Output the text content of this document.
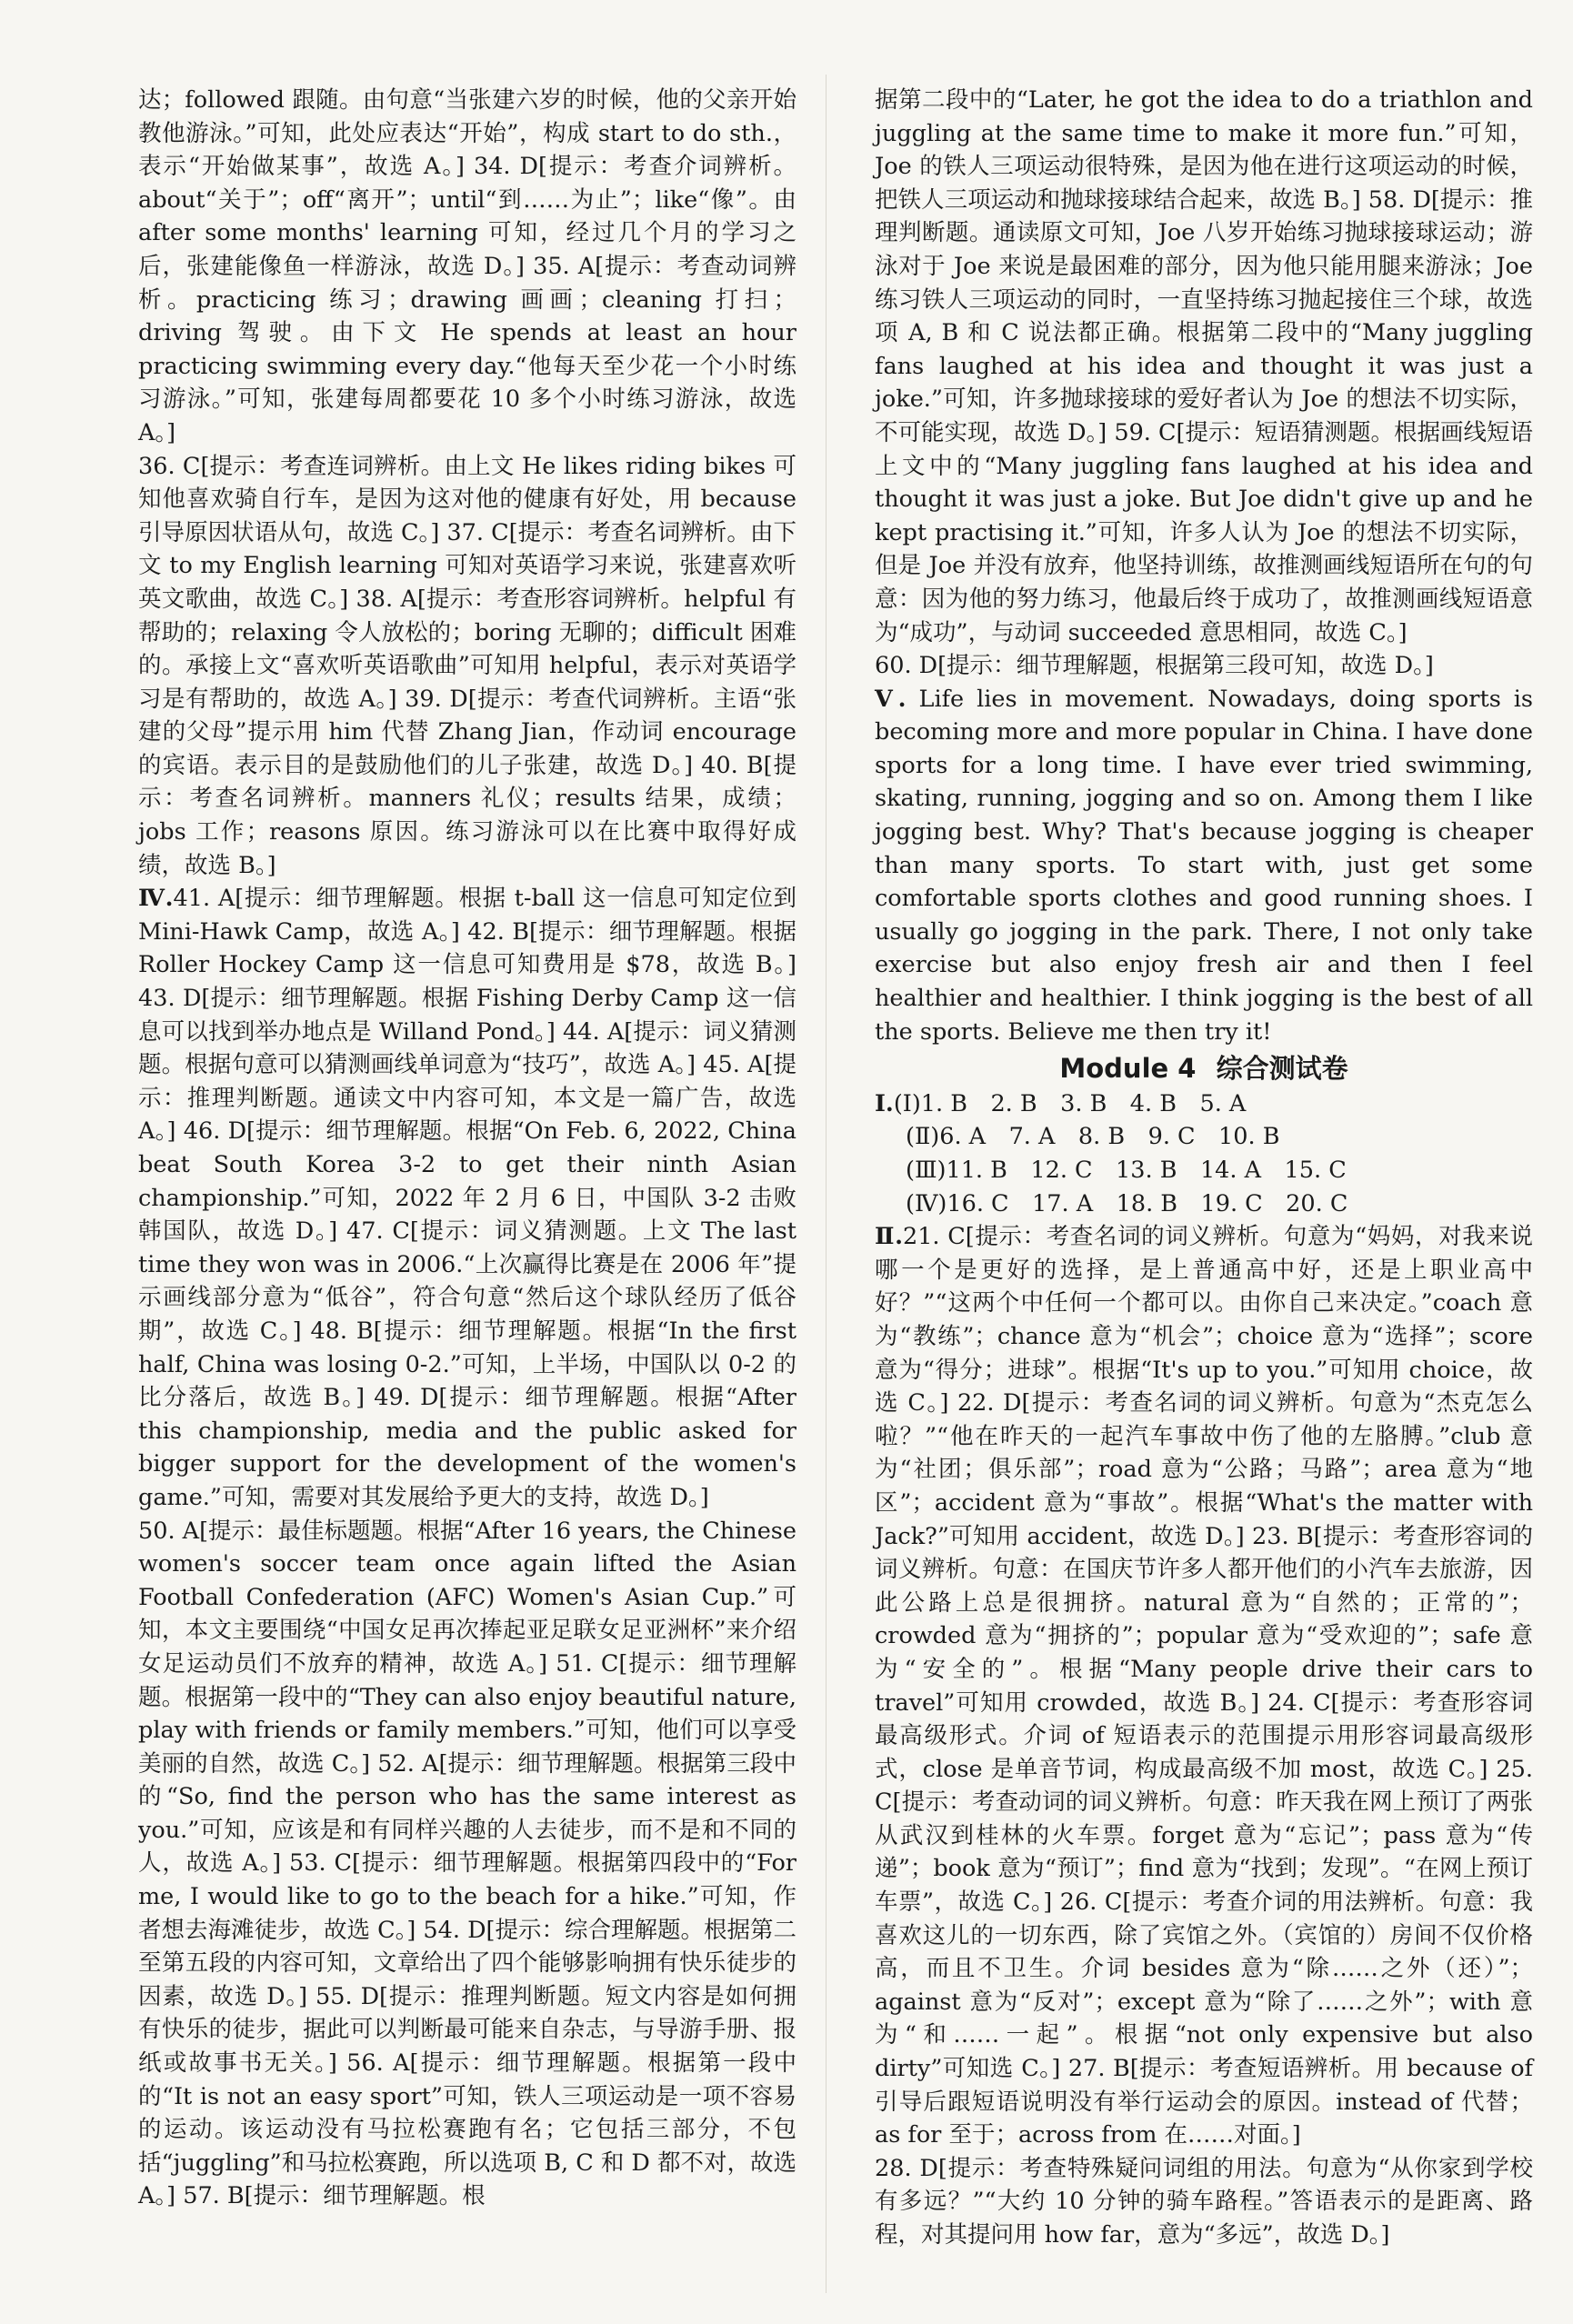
达；followed 跟随。由句意“当张建六岁的时候，他的父亲开始教他游泳。”可知，此处应表达“开始”，构成 start to do sth.，表示“开始做某事”，故选 A。] 34. D[提示：考查介词辨析。about“关于”；off“离开”；until“到……为止”；like“像”。由 after some months' learning 可知，经过几个月的学习之后，张建能像鱼一样游泳，故选 D。] 35. A[提示：考查动词辨析。practicing 练习；drawing 画画；cleaning 打扫；driving 驾驶。由下文 He spends at least an hour practicing swimming every day.“他每天至少花一个小时练习游泳。”可知，张建每周都要花 10 多个小时练习游泳，故选 A。]

36. C[提示：考查连词辨析。由上文 He likes riding bikes 可知他喜欢骑自行车，是因为这对他的健康有好处，用 because 引导原因状语从句，故选 C。] 37. C[提示：考查名词辨析。由下文 to my English learning 可知对英语学习来说，张建喜欢听英文歌曲，故选 C。] 38. A[提示：考查形容词辨析。helpful 有帮助的；relaxing 令人放松的；boring 无聊的；difficult 困难的。承接上文“喜欢听英语歌曲”可知用 helpful，表示对英语学习是有帮助的，故选 A。] 39. D[提示：考查代词辨析。主语“张建的父母”提示用 him 代替 Zhang Jian，作动词 encourage 的宾语。表示目的是鼓励他们的儿子张建，故选 D。] 40. B[提示：考查名词辨析。manners 礼仪；results 结果，成绩；jobs 工作；reasons 原因。练习游泳可以在比赛中取得好成绩，故选 B。]

Ⅳ.41. A[提示：细节理解题。根据 t-ball 这一信息可知定位到 Mini-Hawk Camp，故选 A。] 42. B[提示：细节理解题。根据 Roller Hockey Camp 这一信息可知费用是 $78，故选 B。] 43. D[提示：细节理解题。根据 Fishing Derby Camp 这一信息可以找到举办地点是 Willand Pond。] 44. A[提示：词义猜测题。根据句意可以猜测画线单词意为“技巧”，故选 A。] 45. A[提示：推理判断题。通读文中内容可知，本文是一篇广告，故选 A。] 46. D[提示：细节理解题。根据“On Feb. 6, 2022, China beat South Korea 3-2 to get their ninth Asian championship.”可知，2022 年 2 月 6 日，中国队 3-2 击败韩国队，故选 D。] 47. C[提示：词义猜测题。上文 The last time they won was in 2006.“上次赢得比赛是在 2006 年”提示画线部分意为“低谷”，符合句意“然后这个球队经历了低谷期”，故选 C。] 48. B[提示：细节理解题。根据“In the first half, China was losing 0-2.”可知，上半场，中国队以 0-2 的比分落后，故选 B。] 49. D[提示：细节理解题。根据“After this championship, media and the public asked for bigger support for the development of the women's game.”可知，需要对其发展给予更大的支持，故选 D。]

50. A[提示：最佳标题题。根据“After 16 years, the Chinese women's soccer team once again lifted the Asian Football Confederation (AFC) Women's Asian Cup.”可知，本文主要围绕“中国女足再次捧起亚足联女足亚洲杯”来介绍女足运动员们不放弃的精神，故选 A。] 51. C[提示：细节理解题。根据第一段中的“They can also enjoy beautiful nature, play with friends or family members.”可知，他们可以享受美丽的自然，故选 C。] 52. A[提示：细节理解题。根据第三段中的“So, find the person who has the same interest as you.”可知，应该是和有同样兴趣的人去徒步，而不是和不同的人，故选 A。] 53. C[提示：细节理解题。根据第四段中的“For me, I would like to go to the beach for a hike.”可知，作者想去海滩徒步，故选 C。] 54. D[提示：综合理解题。根据第二至第五段的内容可知，文章给出了四个能够影响拥有快乐徒步的因素，故选 D。] 55. D[提示：推理判断题。短文内容是如何拥有快乐的徒步，据此可以判断最可能来自杂志，与导游手册、报纸或故事书无关。] 56. A[提示：细节理解题。根据第一段中的“It is not an easy sport”可知，铁人三项运动是一项不容易的运动。该运动没有马拉松赛跑有名；它包括三部分，不包括“juggling”和马拉松赛跑，所以选项 B, C 和 D 都不对，故选 A。] 57. B[提示：细节理解题。根

据第二段中的“Later, he got the idea to do a triathlon and juggling at the same time to make it more fun.”可知，Joe 的铁人三项运动很特殊，是因为他在进行这项运动的时候，把铁人三项运动和抛球接球结合起来，故选 B。] 58. D[提示：推理判断题。通读原文可知，Joe 八岁开始练习抛球接球运动；游泳对于 Joe 来说是最困难的部分，因为他只能用腿来游泳；Joe 练习铁人三项运动的同时，一直坚持练习抛起接住三个球，故选项 A, B 和 C 说法都正确。根据第二段中的“Many juggling fans laughed at his idea and thought it was just a joke.”可知，许多抛球接球的爱好者认为 Joe 的想法不切实际，不可能实现，故选 D。] 59. C[提示：短语猜测题。根据画线短语上文中的“Many juggling fans laughed at his idea and thought it was just a joke. But Joe didn't give up and he kept practising it.”可知，许多人认为 Joe 的想法不切实际，但是 Joe 并没有放弃，他坚持训练，故推测画线短语所在句的句意：因为他的努力练习，他最后终于成功了，故推测画线短语意为“成功”，与动词 succeeded 意思相同，故选 C。]

60. D[提示：细节理解题，根据第三段可知，故选 D。]

Ⅴ. Life lies in movement. Nowadays, doing sports is becoming more and more popular in China. I have done sports for a long time. I have ever tried swimming, skating, running, jogging and so on. Among them I like jogging best. Why? That's because jogging is cheaper than many sports. To start with, just get some comfortable sports clothes and good running shoes. I usually go jogging in the park. There, I not only take exercise but also enjoy fresh air and then I feel healthier and healthier. I think jogging is the best of all the sports. Believe me then try it!

Module 4 综合测试卷

Ⅰ.(Ⅰ)1. B　2. B　3. B　4. B　5. A

(Ⅱ)6. A　7. A　8. B　9. C　10. B

(Ⅲ)11. B　12. C　13. B　14. A　15. C

(Ⅳ)16. C　17. A　18. B　19. C　20. C

Ⅱ.21. C[提示：考查名词的词义辨析。句意为“妈妈，对我来说哪一个是更好的选择，是上普通高中好，还是上职业高中好？”“这两个中任何一个都可以。由你自己来决定。”coach 意为“教练”；chance 意为“机会”；choice 意为“选择”；score 意为“得分；进球”。根据“It's up to you.”可知用 choice，故选 C。] 22. D[提示：考查名词的词义辨析。句意为“杰克怎么啦？”“他在昨天的一起汽车事故中伤了他的左胳膊。”club 意为“社团；俱乐部”；road 意为“公路；马路”；area 意为“地区”；accident 意为“事故”。根据“What's the matter with Jack?”可知用 accident，故选 D。] 23. B[提示：考查形容词的词义辨析。句意：在国庆节许多人都开他们的小汽车去旅游，因此公路上总是很拥挤。natural 意为“自然的；正常的”；crowded 意为“拥挤的”；popular 意为“受欢迎的”；safe 意为“安全的”。根据“Many people drive their cars to travel”可知用 crowded，故选 B。] 24. C[提示：考查形容词最高级形式。介词 of 短语表示的范围提示用形容词最高级形式，close 是单音节词，构成最高级不加 most，故选 C。] 25. C[提示：考查动词的词义辨析。句意：昨天我在网上预订了两张从武汉到桂林的火车票。forget 意为“忘记”；pass 意为“传递”；book 意为“预订”；find 意为“找到；发现”。“在网上预订车票”，故选 C。] 26. C[提示：考查介词的用法辨析。句意：我喜欢这儿的一切东西，除了宾馆之外。（宾馆的）房间不仅价格高，而且不卫生。介词 besides 意为“除……之外（还）”；against 意为“反对”；except 意为“除了……之外”；with 意为“和……一起”。根据“not only expensive but also dirty”可知选 C。] 27. B[提示：考查短语辨析。用 because of 引导后跟短语说明没有举行运动会的原因。instead of 代替；as for 至于；across from 在……对面。]

28. D[提示：考查特殊疑问词组的用法。句意为“从你家到学校有多远？”“大约 10 分钟的骑车路程。”答语表示的是距离、路程，对其提问用 how far，意为“多远”，故选 D。]
